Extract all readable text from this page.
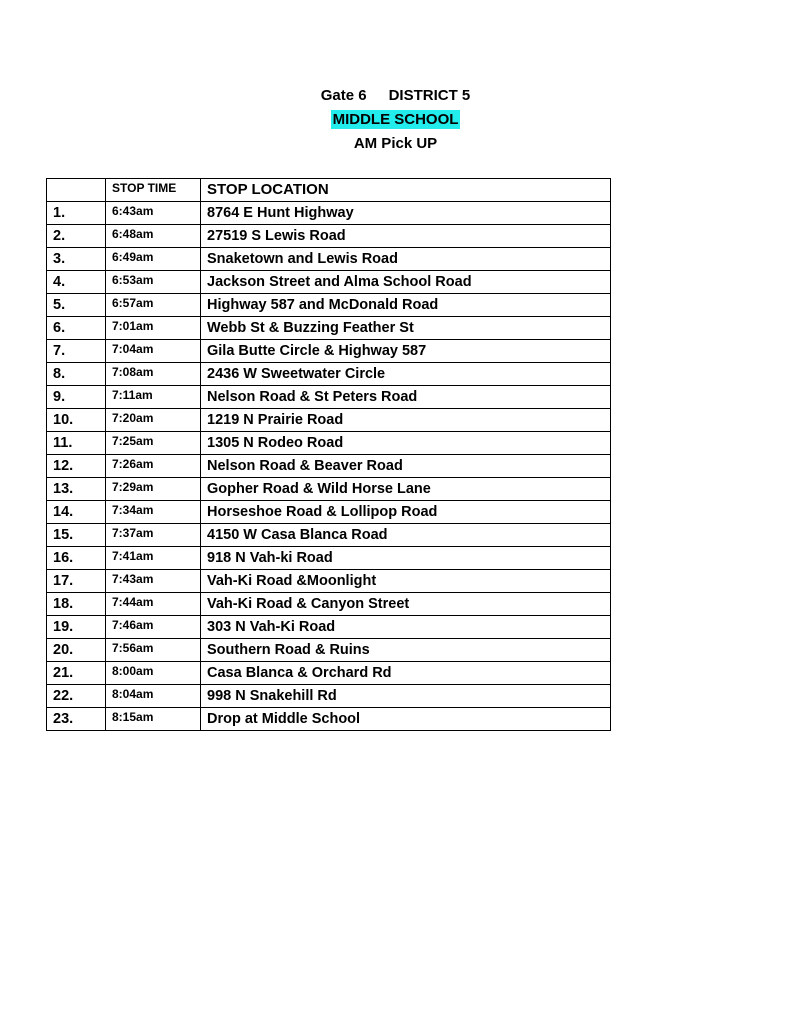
Gate 6 DISTRICT 5
MIDDLE SCHOOL
AM Pick UP
	STOP TIME	STOP LOCATION
1.	6:43am	8764 E Hunt Highway
2.	6:48am	27519 S Lewis Road
3.	6:49am	Snaketown and Lewis Road
4.	6:53am	Jackson Street and Alma School Road
5.	6:57am	Highway 587 and McDonald Road
6.	7:01am	Webb St & Buzzing Feather St
7.	7:04am	Gila Butte Circle & Highway 587
8.	7:08am	2436 W Sweetwater Circle
9.	7:11am	Nelson Road & St Peters Road
10.	7:20am	1219 N Prairie Road
11.	7:25am	1305 N Rodeo Road
12.	7:26am	Nelson Road & Beaver Road
13.	7:29am	Gopher Road & Wild Horse Lane
14.	7:34am	Horseshoe Road & Lollipop Road
15.	7:37am	4150 W Casa Blanca Road
16.	7:41am	918 N Vah-ki Road
17.	7:43am	Vah-Ki Road &Moonlight
18.	7:44am	Vah-Ki Road & Canyon Street
19.	7:46am	303 N Vah-Ki Road
20.	7:56am	Southern Road & Ruins
21.	8:00am	Casa Blanca & Orchard Rd
22.	8:04am	998 N Snakehill Rd
23.	8:15am	Drop at Middle School
